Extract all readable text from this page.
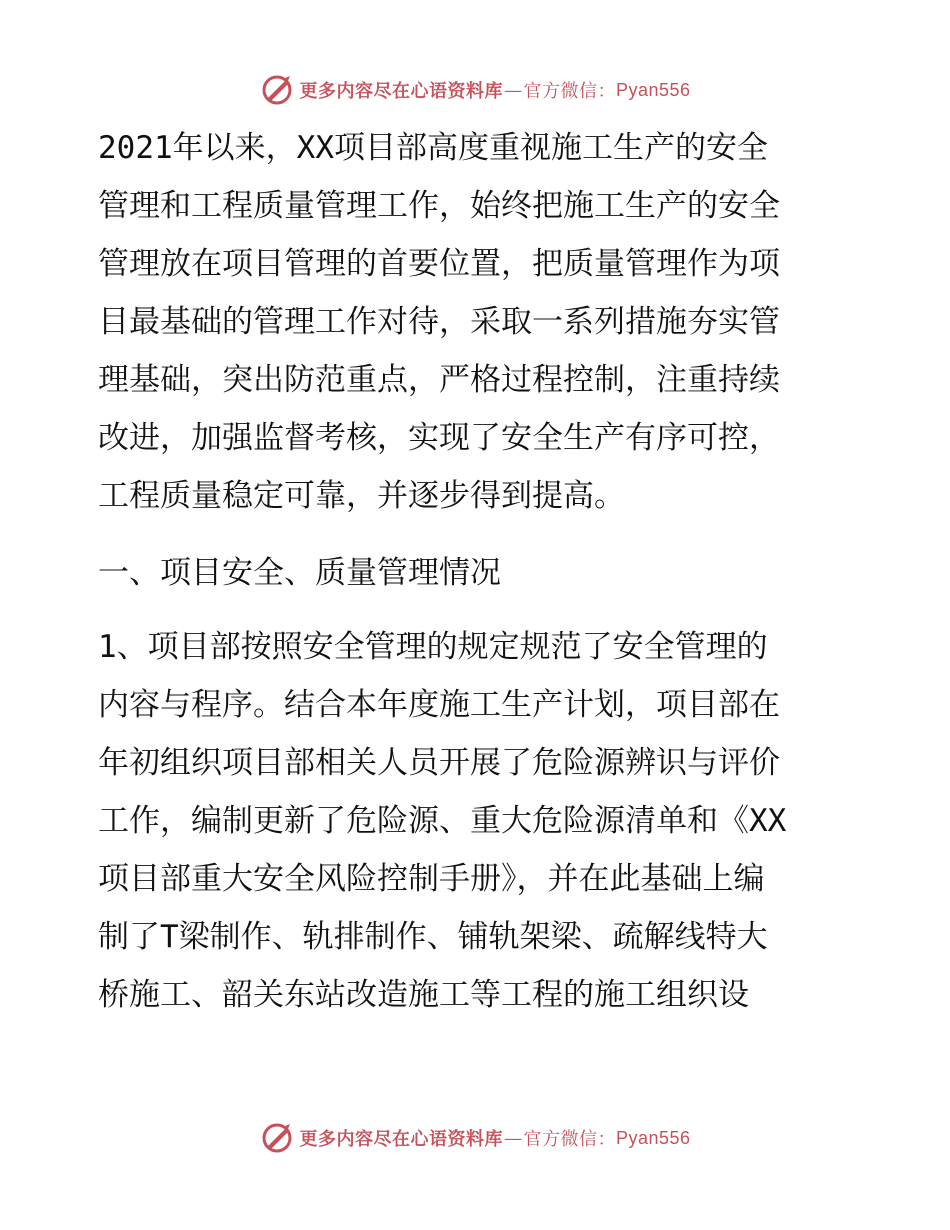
更多内容尽在心语资料库 — 官方微信： Pyan556
2021年以来，XX项目部高度重视施工生产的安全
管理和工程质量管理工作，始终把施工生产的安全
管理放在项目管理的首要位置，把质量管理作为项
目最基础的管理工作对待，采取一系列措施夯实管
理基础，突出防范重点，严格过程控制，注重持续
改进，加强监督考核，实现了安全生产有序可控，
工程质量稳定可靠，并逐步得到提高。
一、项目安全、质量管理情况
1、项目部按照安全管理的规定规范了安全管理的
内容与程序。结合本年度施工生产计划，项目部在
年初组织项目部相关人员开展了危险源辨识与评价
工作，编制更新了危险源、重大危险源清单和《XX
项目部重大安全风险控制手册》，并在此基础上编
制了T梁制作、轨排制作、铺轨架梁、疏解线特大
桥施工、韶关东站改造施工等工程的施工组织设
更多内容尽在心语资料库 — 官方微信： Pyan556
